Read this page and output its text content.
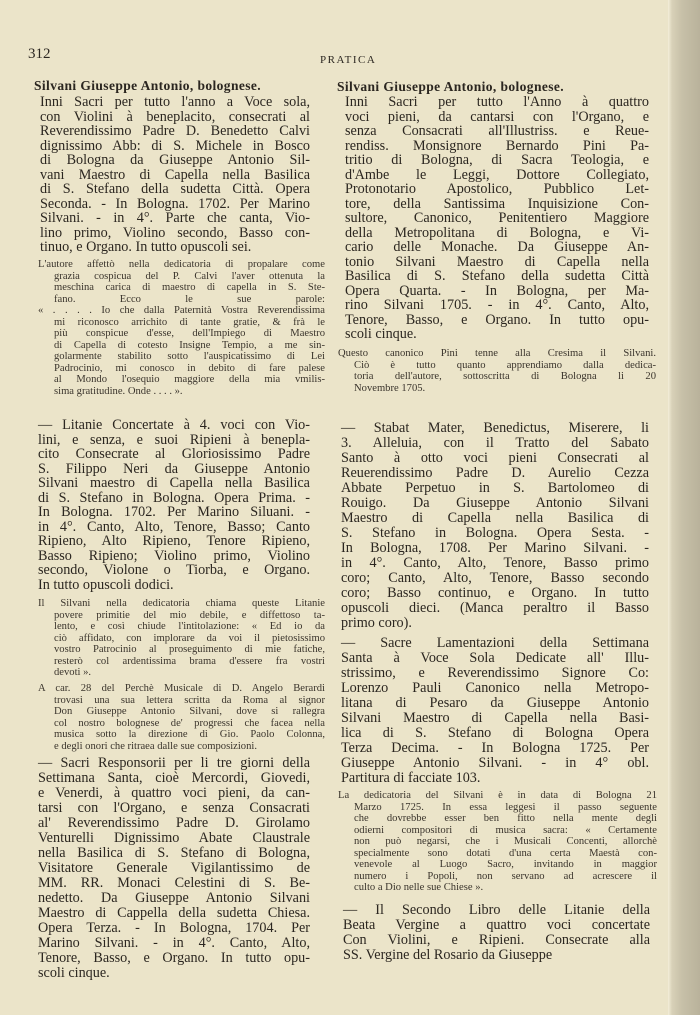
312	PRATICA
Silvani Giuseppe Antonio, bolognese.	Silvani Giuseppe Antonio, bolognese.
Inni Sacri per tutto l'anno a Voce sola,
con Violini à beneplacito, consecrati al
Reverendissimo Padre D. Benedetto Calvi
dignissimo Abb: di S. Michele in Bosco
di Bologna da Giuseppe Antonio Sil-
vani Maestro di Capella nella Basilica
di S. Stefano della sudetta Città. Opera
Seconda. - In Bologna. 1702. Per Marino
Silvani. - in 4°. Parte che canta, Vio-
lino primo, Violino secondo, Basso con-
tinuo, e Organo. In tutto opuscoli sei.
L'autore affettò nella dedicatoria di propalare come
grazia cospicua del P. Calvi l'aver ottenuta la
meschina carica di maestro di capella in S. Ste-
fano. Ecco le sue parole:
« . . . . Io che dalla Paternità Vostra Reverendissima
mi riconosco arrichito di tante gratie, & frà le
più conspicue d'esse, dell'Impiego di Maestro
di Capella di cotesto Insigne Tempio, a me sin-
golarmente stabilito sotto l'auspicatissimo di Lei
Padrocinio, mi conosco in debito di fare palese
al Mondo l'osequio maggiore della mia vmilis-
sima gratitudine. Onde . . . . ».
— Litanie Concertate à 4. voci con Vio-
lini, e senza, e suoi Ripieni à benepla-
cito Consecrate al Gloriosissimo Padre
S. Filippo Neri da Giuseppe Antonio
Silvani maestro di Capella nella Basilica
di S. Stefano in Bologna. Opera Prima. -
In Bologna. 1702. Per Marino Siluani. -
in 4°. Canto, Alto, Tenore, Basso; Canto
Ripieno, Alto Ripieno, Tenore Ripieno,
Basso Ripieno; Violino primo, Violino
secondo, Violone o Tiorba, e Organo.
In tutto opuscoli dodici.
Il Silvani nella dedicatoria chiama queste Litanie
povere primitie del mio debile, e diffettoso ta-
lento, e così chiude l'intitolazione: « Ed io da
ciò affidato, con implorare da voi il pietosissimo
vostro Patrocinio al proseguimento di mie fatiche,
resterò col ardentissima brama d'essere fra vostri
devoti ».
A car. 28 del Perchè Musicale di D. Angelo Berardi
trovasi una sua lettera scritta da Roma al signor
Don Giuseppe Antonio Silvani, dove si rallegra
col nostro bolognese de' progressi che facea nella
musica sotto la direzione di Gio. Paolo Colonna,
e degli onori che ritraea dalle sue composizioni.
— Sacri Responsorii per li tre giorni della
Settimana Santa, cioè Mercordi, Giovedi,
e Venerdi, à quattro voci pieni, da can-
tarsi con l'Organo, e senza Consacrati
al' Reverendissimo Padre D. Girolamo
Venturelli Dignissimo Abate Claustrale
nella Basilica di S. Stefano di Bologna,
Visitatore Generale Vigilantissimo de
MM. RR. Monaci Celestini di S. Be-
nedetto. Da Giuseppe Antonio Silvani
Maestro di Cappella della sudetta Chiesa.
Opera Terza. - In Bologna, 1704. Per
Marino Silvani. - in 4°. Canto, Alto,
Tenore, Basso, e Organo. In tutto opu-
scoli cinque.
Inni Sacri per tutto l'Anno à quattro
voci pieni, da cantarsi con l'Organo, e
senza Consacrati all'Illustriss. e Reue-
rendiss. Monsignore Bernardo Pini Pa-
tritio di Bologna, di Sacra Teologia, e
d'Ambe le Leggi, Dottore Collegiato,
Protonotario Apostolico, Pubblico Let-
tore, della Santissima Inquisizione Con-
sultore, Canonico, Penitentiero Maggiore
della Metropolitana di Bologna, e Vi-
cario delle Monache. Da Giuseppe An-
tonio Silvani Maestro di Capella nella
Basilica di S. Stefano della sudetta Città
Opera Quarta. - In Bologna, per Ma-
rino Silvani 1705. - in 4°. Canto, Alto,
Tenore, Basso, e Organo. In tutto opu-
scoli cinque.
Questo canonico Pini tenne alla Cresima il Silvani.
Ciò è tutto quanto apprendiamo dalla dedica-
toria dell'autore, sottoscritta di Bologna li 20
Novembre 1705.
— Stabat Mater, Benedictus, Miserere, li
3. Alleluia, con il Tratto del Sabato
Santo à otto voci pieni Consecrati al
Reuerendissimo Padre D. Aurelio Cezza
Abbate Perpetuo in S. Bartolomeo di
Rouigo. Da Giuseppe Antonio Silvani
Maestro di Capella nella Basilica di
S. Stefano in Bologna. Opera Sesta. -
In Bologna, 1708. Per Marino Silvani. -
in 4°. Canto, Alto, Tenore, Basso primo
coro; Canto, Alto, Tenore, Basso secondo
coro; Basso continuo, e Organo. In tutto
opuscoli dieci. (Manca peraltro il Basso
primo coro).
— Sacre Lamentazioni della Settimana
Santa à Voce Sola Dedicate all' Illu-
strissimo, e Reverendissimo Signore Co:
Lorenzo Pauli Canonico nella Metropo-
litana di Pesaro da Giuseppe Antonio
Silvani Maestro di Capella nella Basi-
lica di S. Stefano di Bologna Opera
Terza Decima. - In Bologna 1725. Per
Giuseppe Antonio Silvani. - in 4° obl.
Partitura di facciate 103.
La dedicatoria del Silvani è in data di Bologna 21
Marzo 1725. In essa leggesi il passo seguente
che dovrebbe esser ben fitto nella mente degli
odierni compositori di musica sacra: « Certamente
non può negarsi, che i Musicali Concenti, allorchè
specialmente sono dotati d'una certa Maestà con-
venevole al Luogo Sacro, invitando in maggior
numero i Popoli, non servano ad acrescere il
culto a Dio nelle sue Chiese ».
— Il Secondo Libro delle Litanie della
Beata Vergine a quattro voci concertate
Con Violini, e Ripieni. Consecrate alla
SS. Vergine del Rosario da Giuseppe
